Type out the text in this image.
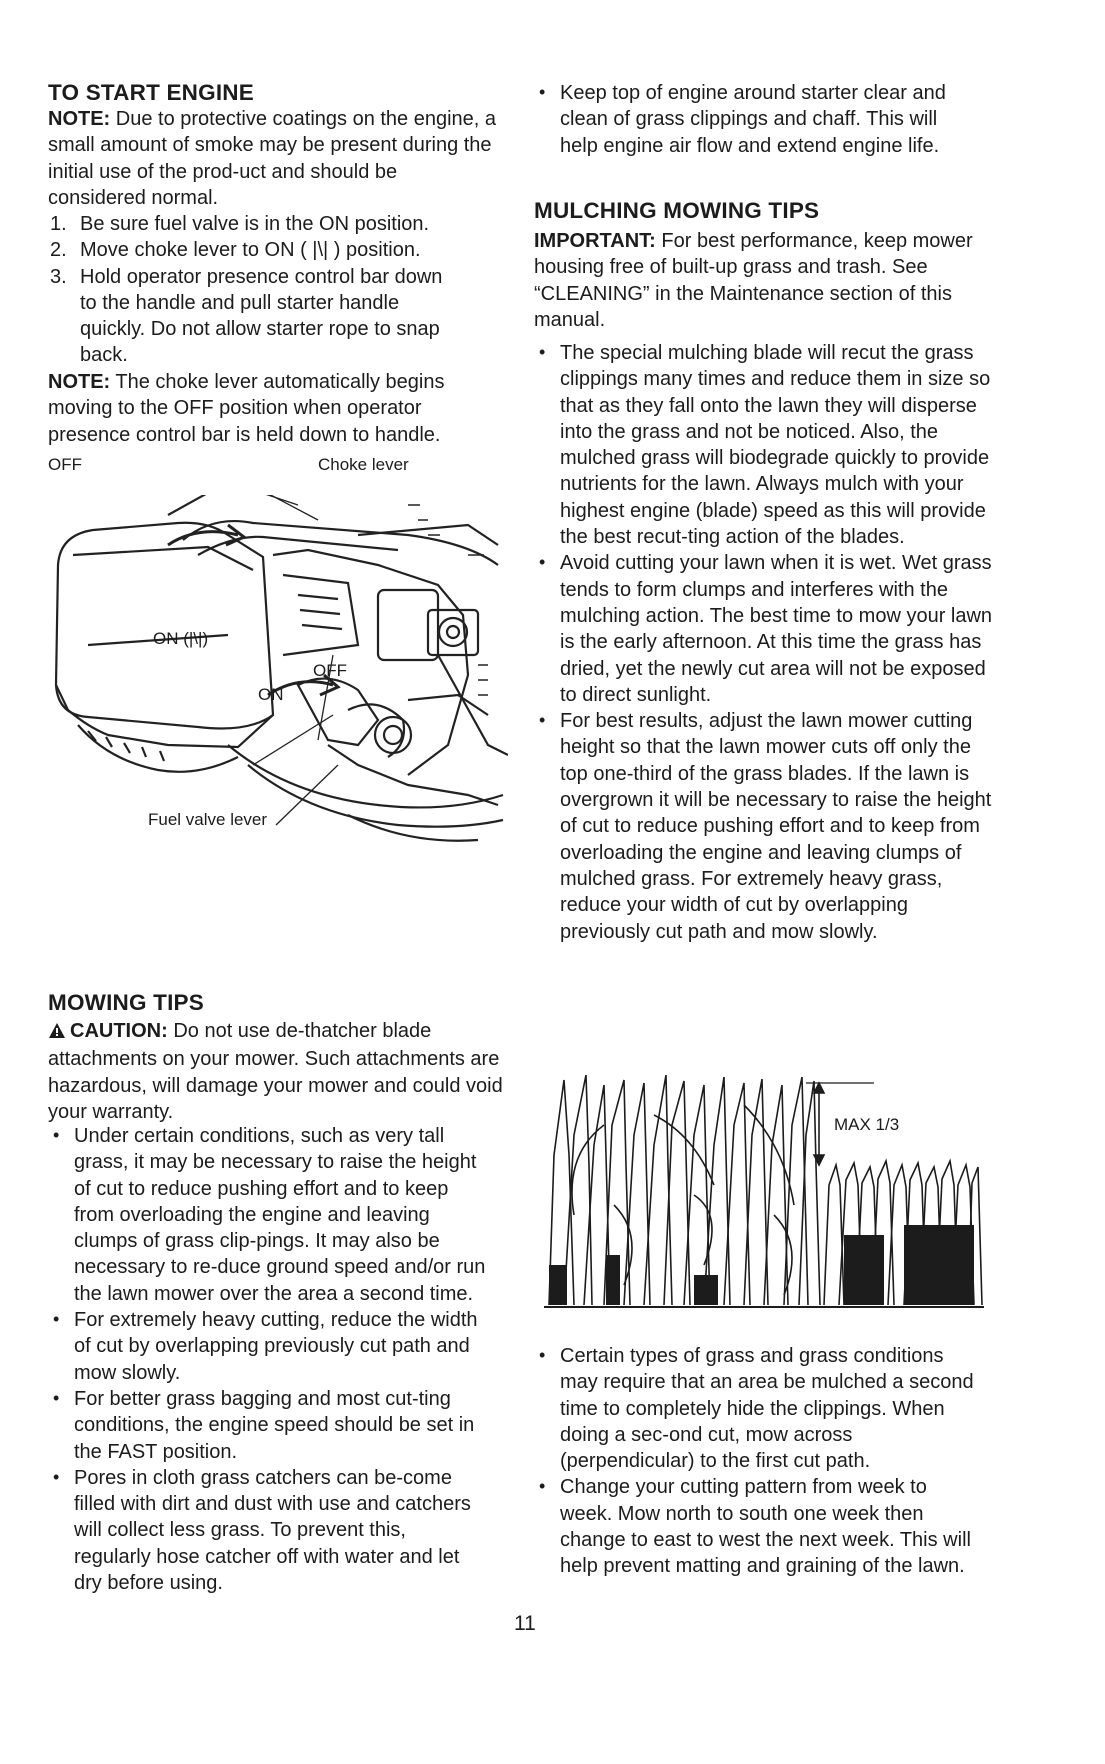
TO START ENGINE

NOTE: Due to protective coatings on the engine, a small amount of smoke may be present during the initial use of the prod-uct and should be considered normal.

1. Be sure fuel valve is in the ON position.
2. Move choke lever to ON ( |\| ) position.
3. Hold operator presence control bar down to the handle and pull starter handle quickly. Do not allow starter rope to snap back.

NOTE: The choke lever automatically begins moving to the OFF position when operator presence control bar is held down to handle.

OFF	Choke lever
ON (|\|)
OFF
ON
Fuel valve lever
MOWING TIPS

CAUTION: Do not use de-thatcher blade attachments on your mower. Such attachments are hazardous, will damage your mower and could void your warranty.

• Under certain conditions, such as very tall grass, it may be necessary to raise the height of cut to reduce pushing effort and to keep from overloading the engine and leaving clumps of grass clip-pings. It may also be necessary to re-duce ground speed and/or run the lawn mower over the area a second time.
• For extremely heavy cutting, reduce the width of cut by overlapping previously cut path and mow slowly.
• For better grass bagging and most cut-ting conditions, the engine speed should be set in the FAST position.
• Pores in cloth grass catchers can be-come filled with dirt and dust with use and catchers will collect less grass. To prevent this, regularly hose catcher off with water and let dry before using.
• Keep top of engine around starter clear and clean of grass clippings and chaff. This will help engine air flow and extend engine life.
MULCHING MOWING TIPS

IMPORTANT: For best performance, keep mower housing free of built-up grass and trash. See “CLEANING” in the Maintenance section of this manual.

• The special mulching blade will recut the grass clippings many times and reduce them in size so that as they fall onto the lawn they will disperse into the grass and not be noticed. Also, the mulched grass will biodegrade quickly to provide nutrients for the lawn. Always mulch with your highest engine (blade) speed as this will provide the best recut-ting action of the blades.
• Avoid cutting your lawn when it is wet. Wet grass tends to form clumps and interferes with the mulching action. The best time to mow your lawn is the early afternoon. At this time the grass has dried, yet the newly cut area will not be exposed to direct sunlight.
• For best results, adjust the lawn mower cutting height so that the lawn mower cuts off only the top one-third of the grass blades. If the lawn is overgrown it will be necessary to raise the height of cut to reduce pushing effort and to keep from overloading the engine and leaving clumps of mulched grass. For extremely heavy grass, reduce your width of cut by overlapping previously cut path and mow slowly.
MAX 1/3
• Certain types of grass and grass conditions may require that an area be mulched a second time to completely hide the clippings. When doing a sec-ond cut, mow across (perpendicular) to the first cut path.
• Change your cutting pattern from week to week. Mow north to south one week then change to east to west the next week. This will help prevent matting and graining of the lawn.
11
